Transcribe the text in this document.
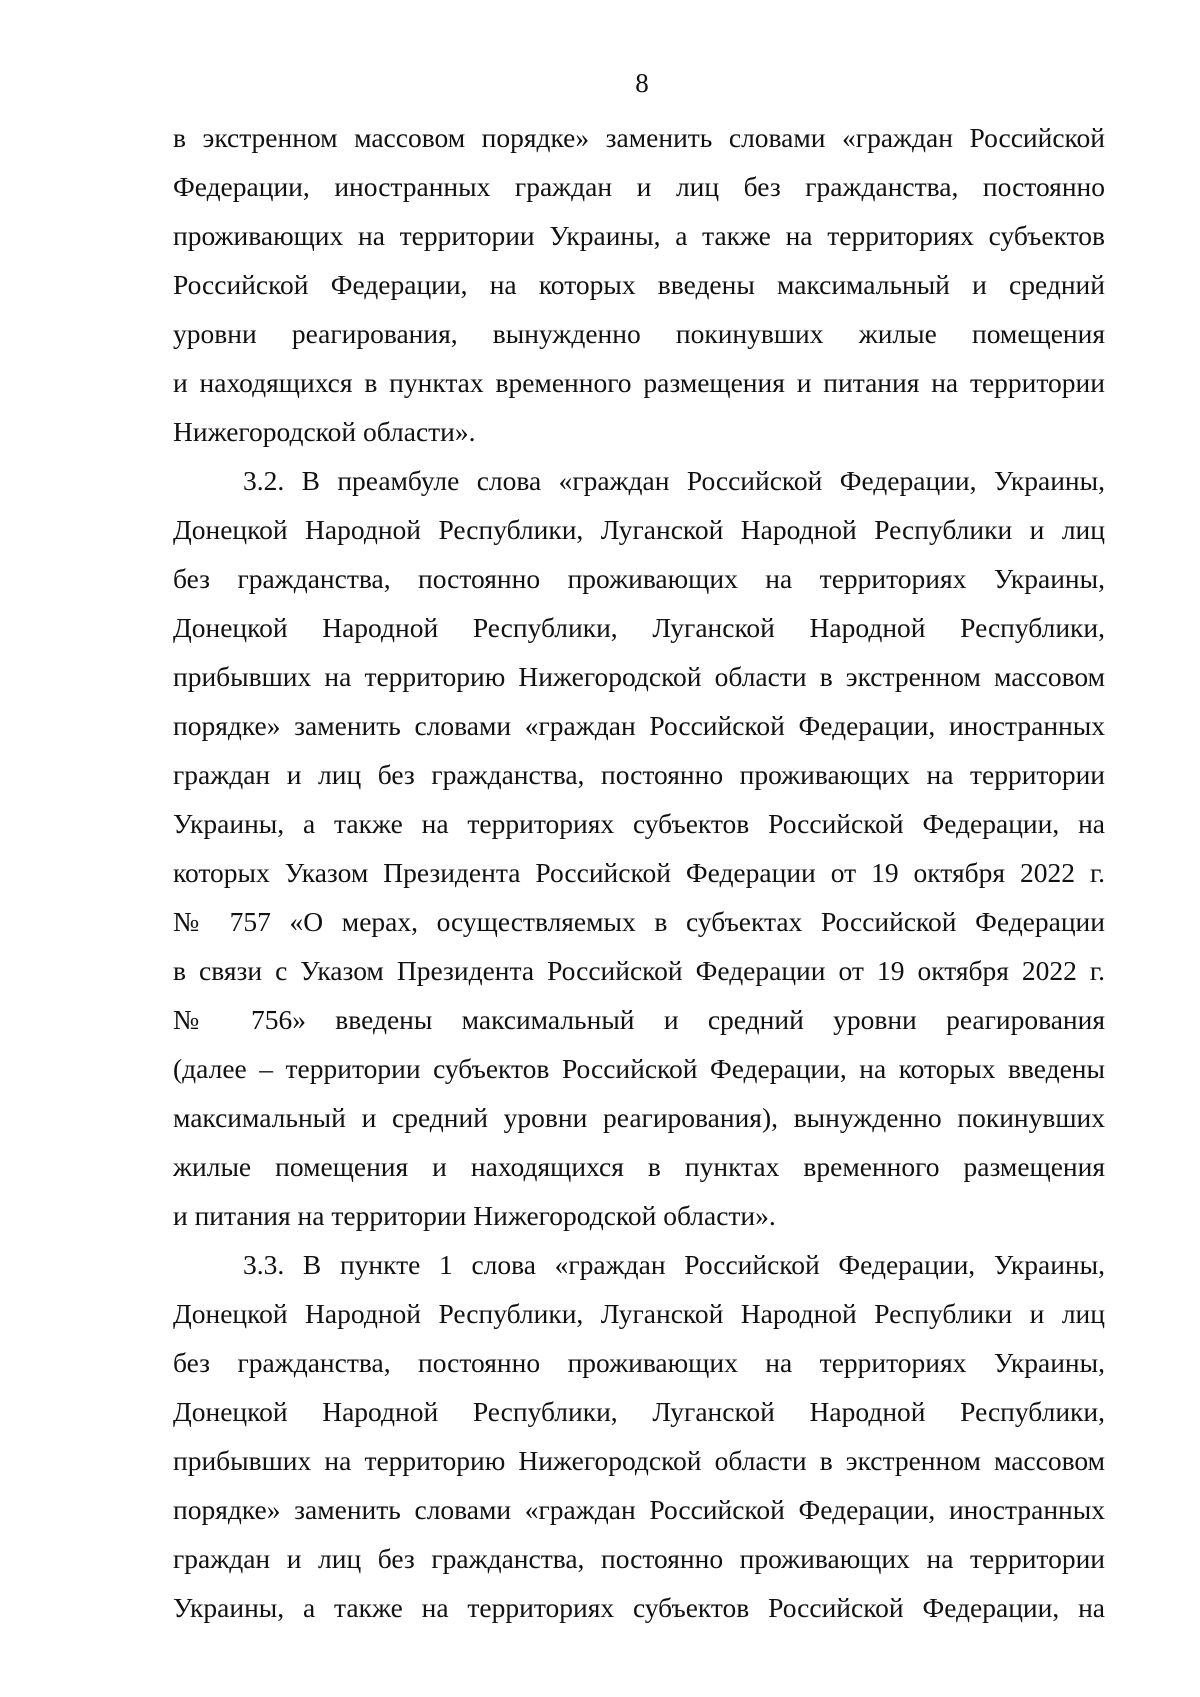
8
в экстренном массовом порядке» заменить словами «граждан Российской
Федерации, иностранных граждан и лиц без гражданства, постоянно
проживающих на территории Украины, а также на территориях субъектов
Российской Федерации, на которых введены максимальный и средний
уровни реагирования, вынужденно покинувших жилые помещения
и находящихся в пунктах временного размещения и питания на территории
Нижегородской области».
3.2. В преамбуле слова «граждан Российской Федерации, Украины,
Донецкой Народной Республики, Луганской Народной Республики и лиц
без гражданства, постоянно проживающих на территориях Украины,
Донецкой Народной Республики, Луганской Народной Республики,
прибывших на территорию Нижегородской области в экстренном массовом
порядке» заменить словами «граждан Российской Федерации, иностранных
граждан и лиц без гражданства, постоянно проживающих на территории
Украины, а также на территориях субъектов Российской Федерации, на
которых Указом Президента Российской Федерации от 19 октября 2022 г.
№ 757 «О мерах, осуществляемых в субъектах Российской Федерации
в связи с Указом Президента Российской Федерации от 19 октября 2022 г.
№ 756» введены максимальный и средний уровни реагирования
(далее – территории субъектов Российской Федерации, на которых введены
максимальный и средний уровни реагирования), вынужденно покинувших
жилые помещения и находящихся в пунктах временного размещения
и питания на территории Нижегородской области».
3.3. В пункте 1 слова «граждан Российской Федерации, Украины,
Донецкой Народной Республики, Луганской Народной Республики и лиц
без гражданства, постоянно проживающих на территориях Украины,
Донецкой Народной Республики, Луганской Народной Республики,
прибывших на территорию Нижегородской области в экстренном массовом
порядке» заменить словами «граждан Российской Федерации, иностранных
граждан и лиц без гражданства, постоянно проживающих на территории
Украины, а также на территориях субъектов Российской Федерации, на
